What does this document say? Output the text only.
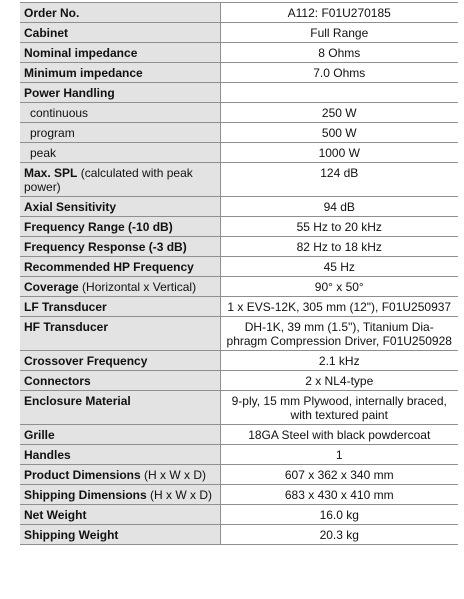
Order No.	A112: F01U270185
Cabinet	Full Range
Nominal impedance	8 Ohms
Minimum impedance	7.0 Ohms
Power Handling	
continuous	250 W
program	500 W
peak	1000 W
Max. SPL (calculated with peak power)	124 dB
Axial Sensitivity	94 dB
Frequency Range (-10 dB)	55 Hz to 20 kHz
Frequency Response (-3 dB)	82 Hz to 18 kHz
Recommended HP Frequency	45 Hz
Coverage (Horizontal x Vertical)	90° x 50°
LF Transducer	1 x EVS-12K, 305 mm (12"), F01U250937
HF Transducer	DH-1K, 39 mm (1.5"), Titanium Dia-phragm Compression Driver, F01U250928
Crossover Frequency	2.1 kHz
Connectors	2 x NL4-type
Enclosure Material	9-ply, 15 mm Plywood, internally braced, with textured paint
Grille	18GA Steel with black powdercoat
Handles	1
Product Dimensions (H x W x D)	607 x 362 x 340 mm
Shipping Dimensions (H x W x D)	683 x 430 x 410 mm
Net Weight	16.0 kg
Shipping Weight	20.3 kg
